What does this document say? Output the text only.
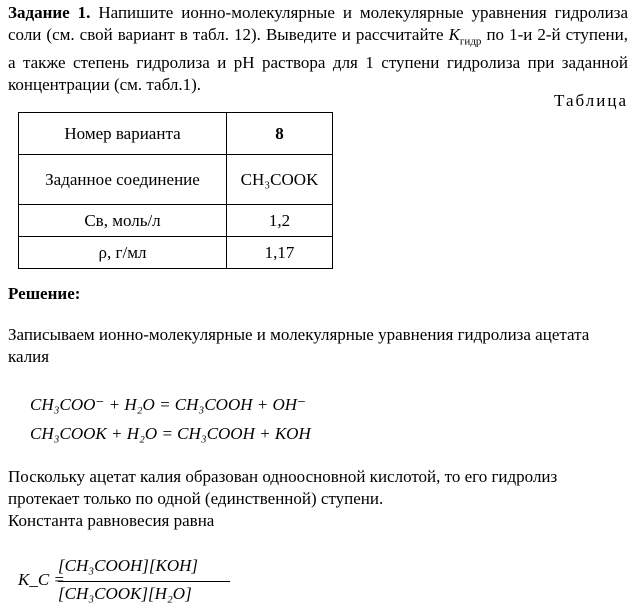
Задание 1. Напишите ионно-молекулярные и молекулярные уравнения гидролиза соли (см. свой вариант в табл. 12). Выведите и рассчитайте $K_{гидр}$ по 1-и 2-й ступени, а также степень гидролиза и pH раствора для 1 ступени гидролиза при заданной концентрации (см. табл.1).
Таблица
Номер варианта	8
Заданное соединение	CH₃COOK
Cв, моль/л	1,2
ρ, г/мл	1,17
Решение:
Записываем ионно-молекулярные и молекулярные уравнения гидролиза ацетата калия
CH₃COO⁻ + H₂O = CH₃COOH + OH⁻
CH₃COOK + H₂O = CH₃COOH + KOH
Поскольку ацетат калия образован одноосновной кислотой, то его гидролиз протекает только по одной (единственной) ступени.
Константа равновесия равна
K_C =
[CH₃COOH][KOH]
[CH₃COOK][H₂O]
